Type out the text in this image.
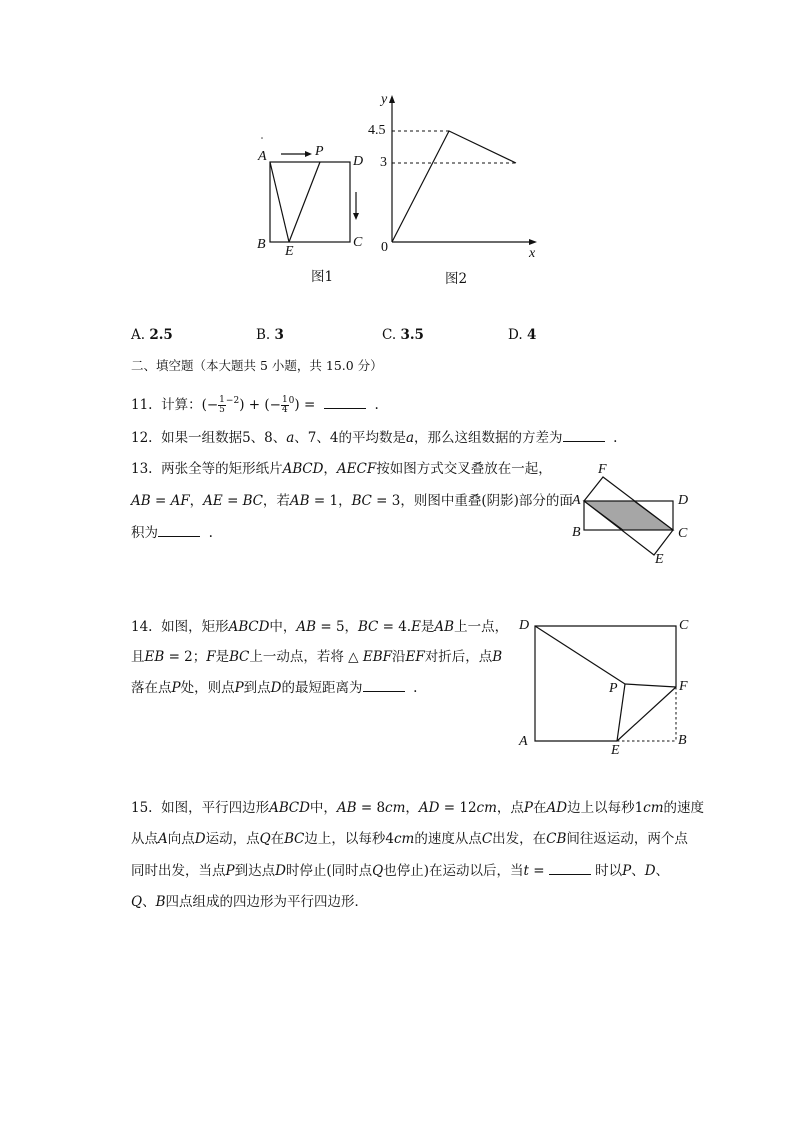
A	P
D
B E
C
图1
y
4.5
3
0	x
图2
A. 2.5	B. 3	C. 3.5	D. 4
二、填空题（本大题共 5 小题，共 15.0 分）
11. 计算：(− $\frac{1}{5} ^{-2}$) + (− $\frac{1}{4} ^0$) =	.
12. 如果一组数据5、8、𝑎、7、4的平均数是𝑎，那么这组数据的方差为	.
13. 两张全等的矩形纸片𝐴𝐵𝐶𝐷，𝐴𝐸𝐶𝐹按如图方式交叉叠放在一起，
𝐴𝐵 = 𝐴𝐹，𝐴𝐸 = 𝐵𝐶，若𝐴𝐵 = 1，𝐵𝐶 = 3，则图中重叠(阴影)部分的面
积为	.
F
A	D
B	C
E
14. 如图，矩形𝐴𝐵𝐶𝐷中，𝐴𝐵 = 5，𝐵𝐶 = 4.𝐸是𝐴𝐵上一点，
且𝐸𝐵 = 2；𝐹是𝐵𝐶上一动点，若将 △ 𝐸𝐵𝐹沿𝐸𝐹对折后，点𝐵
落在点𝑃处，则点𝑃到点𝐷的最短距离为	.
D	C
P	F
A
E
B
15. 如图，平行四边形𝐴𝐵𝐶𝐷中，𝐴𝐵 = 8𝑐𝑚，𝐴𝐷 = 12𝑐𝑚，点𝑃在𝐴𝐷边上以每秒1𝑐𝑚的速度
从点𝐴向点𝐷运动，点𝑄在𝐵𝐶边上，以每秒4𝑐𝑚的速度从点𝐶出发，在𝐶𝐵间往返运动，两个点
同时出发，当点𝑃到达点𝐷时停止(同时点𝑄也停止)在运动以后，当𝑡 =	时以𝑃、𝐷、
𝑄、𝐵四点组成的四边形为平行四边形．
